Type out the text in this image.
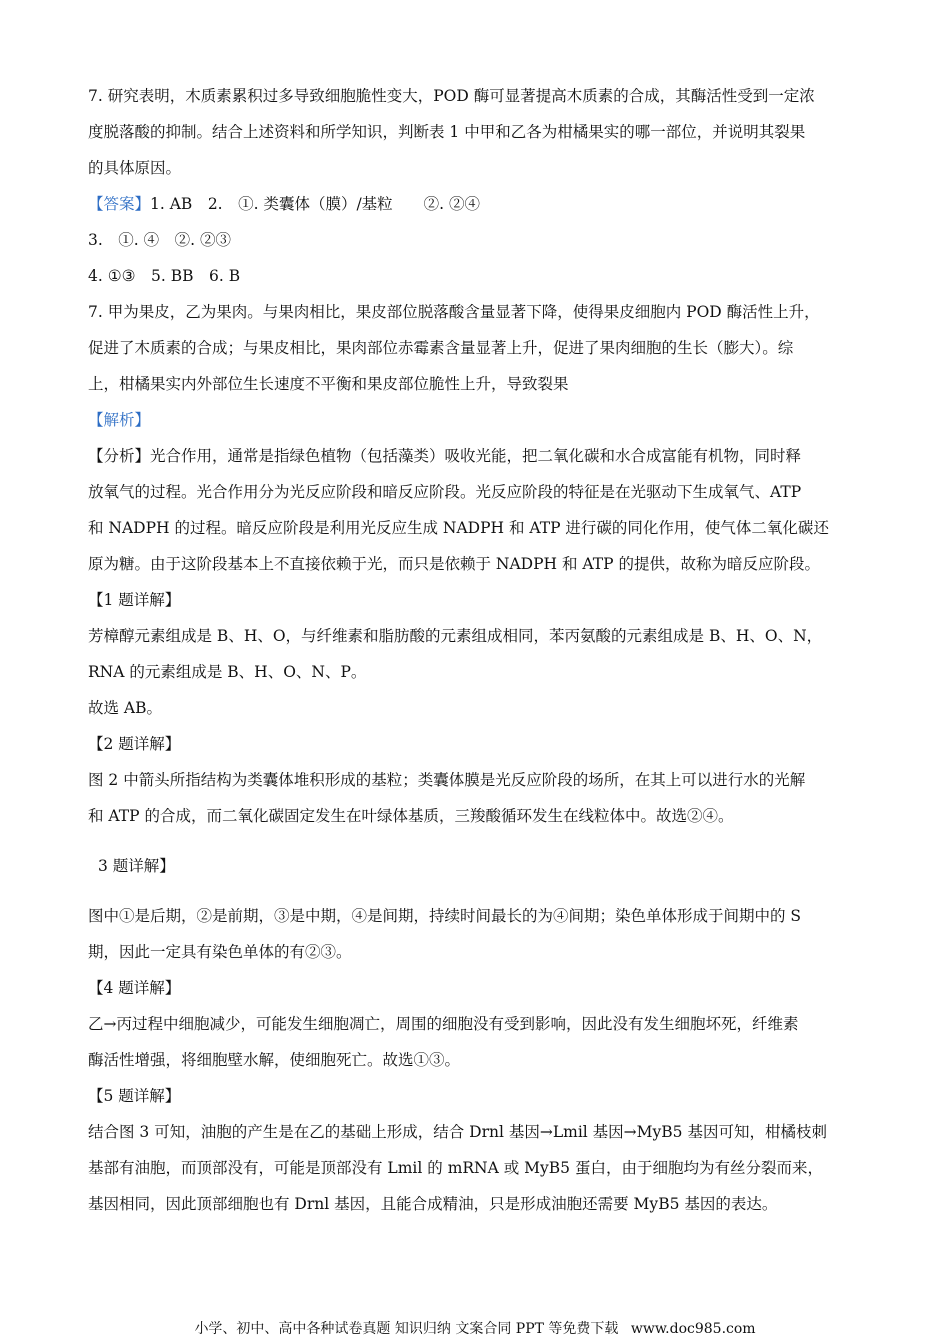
7. 研究表明，木质素累积过多导致细胞脆性变大，POD 酶可显著提高木质素的合成，其酶活性受到一定浓

度脱落酸的抑制。结合上述资料和所学知识，判断表 1 中甲和乙各为柑橘果实的哪一部位，并说明其裂果

的具体原因。

【答案】1. AB　2.　①. 类囊体（膜）/基粒　　②. ②④

3.　①. ④　②. ②③

4. ①③　5. BB　6. B

7. 甲为果皮，乙为果肉。与果肉相比，果皮部位脱落酸含量显著下降，使得果皮细胞内 POD 酶活性上升，

促进了木质素的合成；与果皮相比，果肉部位赤霉素含量显著上升，促进了果肉细胞的生长（膨大）。综

上，柑橘果实内外部位生长速度不平衡和果皮部位脆性上升，导致裂果

【解析】

【分析】光合作用，通常是指绿色植物（包括藻类）吸收光能，把二氧化碳和水合成富能有机物，同时释

放氧气的过程。光合作用分为光反应阶段和暗反应阶段。光反应阶段的特征是在光驱动下生成氧气、ATP

和 NADPH 的过程。暗反应阶段是利用光反应生成 NADPH 和 ATP 进行碳的同化作用，使气体二氧化碳还

原为糖。由于这阶段基本上不直接依赖于光，而只是依赖于 NADPH 和 ATP 的提供，故称为暗反应阶段。

【1 题详解】

芳樟醇元素组成是 B、H、O，与纤维素和脂肪酸的元素组成相同，苯丙氨酸的元素组成是 B、H、O、N，

RNA 的元素组成是 B、H、O、N、P。

故选 AB。

【2 题详解】

图 2 中箭头所指结构为类囊体堆积形成的基粒；类囊体膜是光反应阶段的场所，在其上可以进行水的光解

和 ATP 的合成，而二氧化碳固定发生在叶绿体基质，三羧酸循环发生在线粒体中。故选②④。

3 题详解】

图中①是后期，②是前期，③是中期，④是间期，持续时间最长的为④间期；染色单体形成于间期中的 S

期，因此一定具有染色单体的有②③。

【4 题详解】

乙→丙过程中细胞减少，可能发生细胞凋亡，周围的细胞没有受到影响，因此没有发生细胞坏死，纤维素

酶活性增强，将细胞壁水解，使细胞死亡。故选①③。

【5 题详解】

结合图 3 可知，油胞的产生是在乙的基础上形成，结合 Drnl 基因→Lmil 基因→MyB5 基因可知，柑橘枝刺

基部有油胞，而顶部没有，可能是顶部没有 Lmil 的 mRNA 或 MyB5 蛋白，由于细胞均为有丝分裂而来，

基因相同，因此顶部细胞也有 Drnl 基因，且能合成精油，只是形成油胞还需要 MyB5 基因的表达。

小学、初中、高中各种试卷真题 知识归纳 文案合同 PPT 等免费下载 www.doc985.com
